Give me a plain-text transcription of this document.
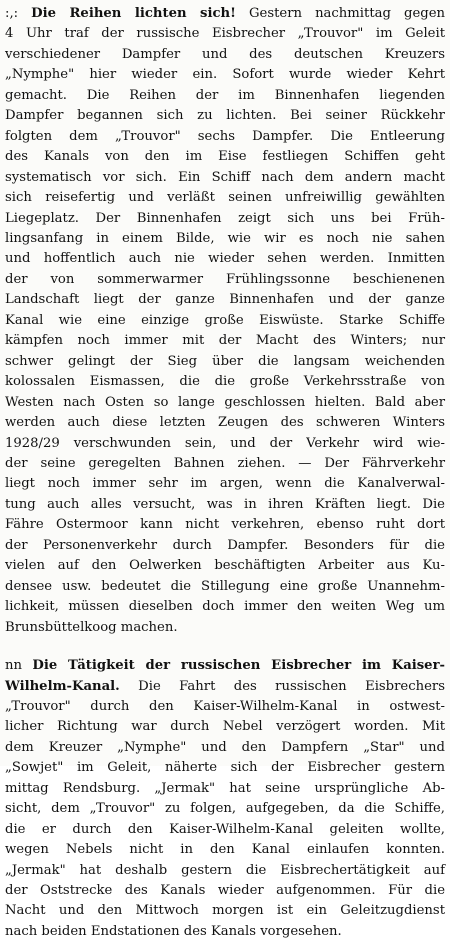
:,: Die Reihen lichten sich! Gestern nachmittag gegen
4 Uhr traf der russische Eisbrecher „Trouvor" im Geleit
verschiedener Dampfer und des deutschen Kreuzers
„Nymphe" hier wieder ein. Sofort wurde wieder Kehrt
gemacht. Die Reihen der im Binnenhafen liegenden
Dampfer begannen sich zu lichten. Bei seiner Rückkehr
folgten dem „Trouvor" sechs Dampfer. Die Entleerung
des Kanals von den im Eise festliegen Schiffen geht
systematisch vor sich. Ein Schiff nach dem andern macht
sich reisefertig und verläßt seinen unfreiwillig gewählten
Liegeplatz. Der Binnenhafen zeigt sich uns bei Früh-
lingsanfang in einem Bilde, wie wir es noch nie sahen
und hoffentlich auch nie wieder sehen werden. Inmitten
der von sommerwarmer Frühlingssonne beschienenen
Landschaft liegt der ganze Binnenhafen und der ganze
Kanal wie eine einzige große Eiswüste. Starke Schiffe
kämpfen noch immer mit der Macht des Winters; nur
schwer gelingt der Sieg über die langsam weichenden
kolossalen Eismassen, die die große Verkehrsstraße von
Westen nach Osten so lange geschlossen hielten. Bald aber
werden auch diese letzten Zeugen des schweren Winters
1928/29 verschwunden sein, und der Verkehr wird wie-
der seine geregelten Bahnen ziehen. — Der Fährverkehr
liegt noch immer sehr im argen, wenn die Kanalverwal-
tung auch alles versucht, was in ihren Kräften liegt. Die
Fähre Ostermoor kann nicht verkehren, ebenso ruht dort
der Personenverkehr durch Dampfer. Besonders für die
vielen auf den Oelwerken beschäftigten Arbeiter aus Ku-
densee usw. bedeutet die Stillegung eine große Unannehm-
lichkeit, müssen dieselben doch immer den weiten Weg um
Brunsbüttelkoog machen.
nn Die Tätigkeit der russischen Eisbrecher im Kaiser-
Wilhelm-Kanal. Die Fahrt des russischen Eisbrechers
„Trouvor" durch den Kaiser-Wilhelm-Kanal in ostwest-
licher Richtung war durch Nebel verzögert worden. Mit
dem Kreuzer „Nymphe" und den Dampfern „Star" und
„Sowjet" im Geleit, näherte sich der Eisbrecher gestern
mittag Rendsburg. „Jermak" hat seine ursprüngliche Ab-
sicht, dem „Trouvor" zu folgen, aufgegeben, da die Schiffe,
die er durch den Kaiser-Wilhelm-Kanal geleiten wollte,
wegen Nebels nicht in den Kanal einlaufen konnten.
„Jermak" hat deshalb gestern die Eisbrechertätigkeit auf
der Oststrecke des Kanals wieder aufgenommen. Für die
Nacht und den Mittwoch morgen ist ein Geleitzugdienst
nach beiden Endstationen des Kanals vorgesehen.
